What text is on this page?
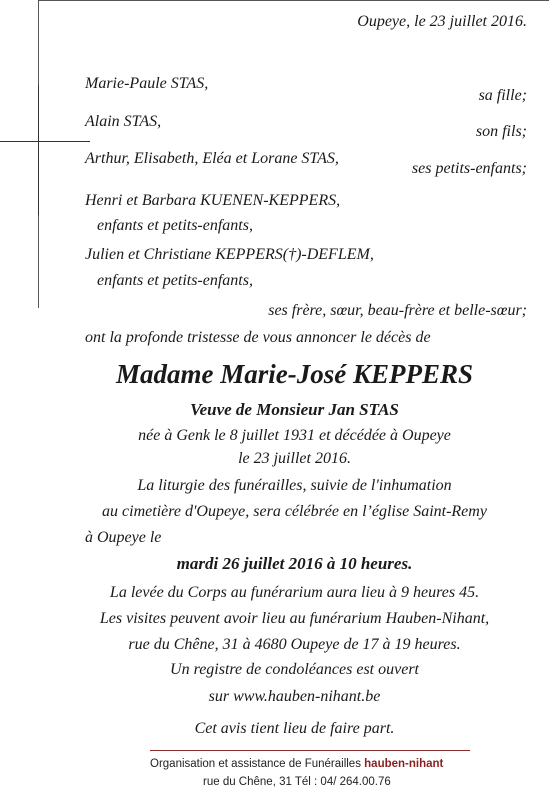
Oupeye, le 23 juillet 2016.
Marie-Paule STAS,
sa fille;
Alain STAS,
son fils;
Arthur, Elisabeth, Eléa et Lorane STAS,
ses petits-enfants;
Henri et Barbara KUENEN-KEPPERS,
enfants et petits-enfants,
Julien et Christiane KEPPERS(†)-DEFLEM,
enfants et petits-enfants,
ses frère, sœur, beau-frère et belle-sœur;
ont la profonde tristesse de vous annoncer le décès de
Madame Marie-José KEPPERS
Veuve de Monsieur Jan STAS
née à Genk le 8 juillet 1931 et décédée à Oupeye
le 23 juillet 2016.
La liturgie des funérailles, suivie de l'inhumation
au cimetière d'Oupeye, sera célébrée en l’église Saint-Remy
à Oupeye le
mardi 26 juillet 2016 à 10 heures.
La levée du Corps au funérarium aura lieu à 9 heures 45.
Les visites peuvent avoir lieu au funérarium Hauben-Nihant,
rue du Chêne, 31 à 4680 Oupeye de 17 à 19 heures.
Un registre de condoléances est ouvert
sur www.hauben-nihant.be
Cet avis tient lieu de faire part.
Organisation et assistance de Funérailles hauben-nihant
rue du Chêne, 31 Tél : 04/ 264.00.76
